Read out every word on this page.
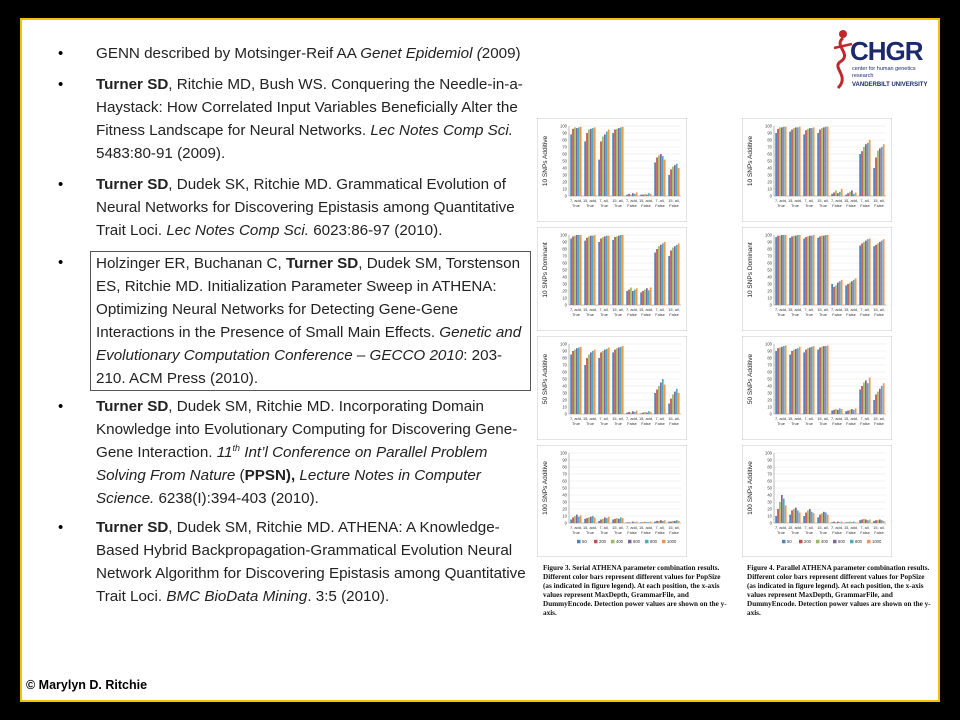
• GENN described by Motsinger-Reif AA Genet Epidemiol (2009)
• Turner SD, Ritchie MD, Bush WS. Conquering the Needle-in-a-Haystack: How Correlated Input Variables Beneficially Alter the Fitness Landscape for Neural Networks. Lec Notes Comp Sci. 5483:80-91 (2009).
• Turner SD, Dudek SK, Ritchie MD. Grammatical Evolution of Neural Networks for Discovering Epistasis among Quantitative Trait Loci. Lec Notes Comp Sci. 6023:86-97 (2010).
•	Holzinger ER, Buchanan C, Turner SD, Dudek SM, Torstenson ES, Ritchie MD. Initialization Parameter Sweep in ATHENA: Optimizing Neural Networks for Detecting Gene-Gene Interactions in the Presence of Small Main Effects. Genetic and Evolutionary Computation Conference – GECCO 2010: 203-210. ACM Press (2010).
• Turner SD, Dudek SM, Ritchie MD. Incorporating Domain Knowledge into Evolutionary Computing for Discovering Gene-Gene Interaction. 11th Int’l Conference on Parallel Problem Solving From Nature (PPSN), Lecture Notes in Computer Science. 6238(I):394-403 (2010).
• Turner SD, Dudek SM, Ritchie MD. ATHENA: A Knowledge-Based Hybrid Backpropagation-Grammatical Evolution Neural Network Algorithm for Discovering Epistasis among Quantitative Trait Loci. BMC BioData Mining. 3:5 (2010).
CHGR
center for human genetics research
VANDERBILT UNIVERSITY
10 SNPs Additive
0
10
20
30
40
50
60
70
80
90
100
7, add,
True
15, add,
True
7, all,
True
15, all,
True
7, add,
False
15, add,
False
7, all,
False
15, all,
False
10 SNPs Dominant
0
10
20
30
40
50
60
70
80
90
100
7, add,
True
15, add,
True
7, all,
True
15, all,
True
7, add,
False
15, add,
False
7, all,
False
15, all,
False
50 SNPs Additive
0
10
20
30
40
50
60
70
80
90
100
7, add,
True
15, add,
True
7, all,
True
15, all,
True
7, add,
False
15, add,
False
7, all,
False
15, all,
False
100 SNPs Additive
0
10
20
30
40
50
60
70
80
90
100
7, add,
True
15, add,
True
7, all,
True
15, all,
True
7, add,
False
15, add,
False
7, all,
False
15, all,
False
50	200 400 600 800 1000
10 SNPs Additive
0
10
20
30
40
50
60
70
80
90
100
7, add,
True
15, add,
True
7, all,
True
15, all,
True
7, add,
False
15, add,
False
7, all,
False
15, all,
False
10 SNPs Dominant
0
10
20
30
40
50
60
70
80
90
100
7, add,
True
15, add,
True
7, all,
True
15, all,
True
7, add,
False
15, add,
False
7, all,
False
15, all,
False
50 SNPs Additive
0
10
20
30
40
50
60
70
80
90
100
7, add,
True
15, add,
True
7, all,
True
15, all,
True
7, add,
False
15, add,
False
7, all,
False
15, all,
False
100 SNPs Additive
0
10
20
30
40
50
60
70
80
90
100
7, add,
True
15, add,
True
7, all,
True
15, all,
True
7, add,
False
15, add,
False
7, all,
False
15, all,
False
50	200 400 600 800 1000
Figure 3. Serial ATHENA parameter combination results. Different color bars represent different values for PopSize (as indicated in figure legend). At each position, the x-axis values represent MaxDepth, GrammarFile, and DummyEncode. Detection power values are shown on the y-axis.
Figure 4. Parallel ATHENA parameter combination results. Different color bars represent different values for PopSize (as indicated in figure legend). At each position, the x-axis values represent MaxDepth, GrammarFile, and DummyEncode. Detection power values are shown on the y-axis.
© Marylyn D. Ritchie
